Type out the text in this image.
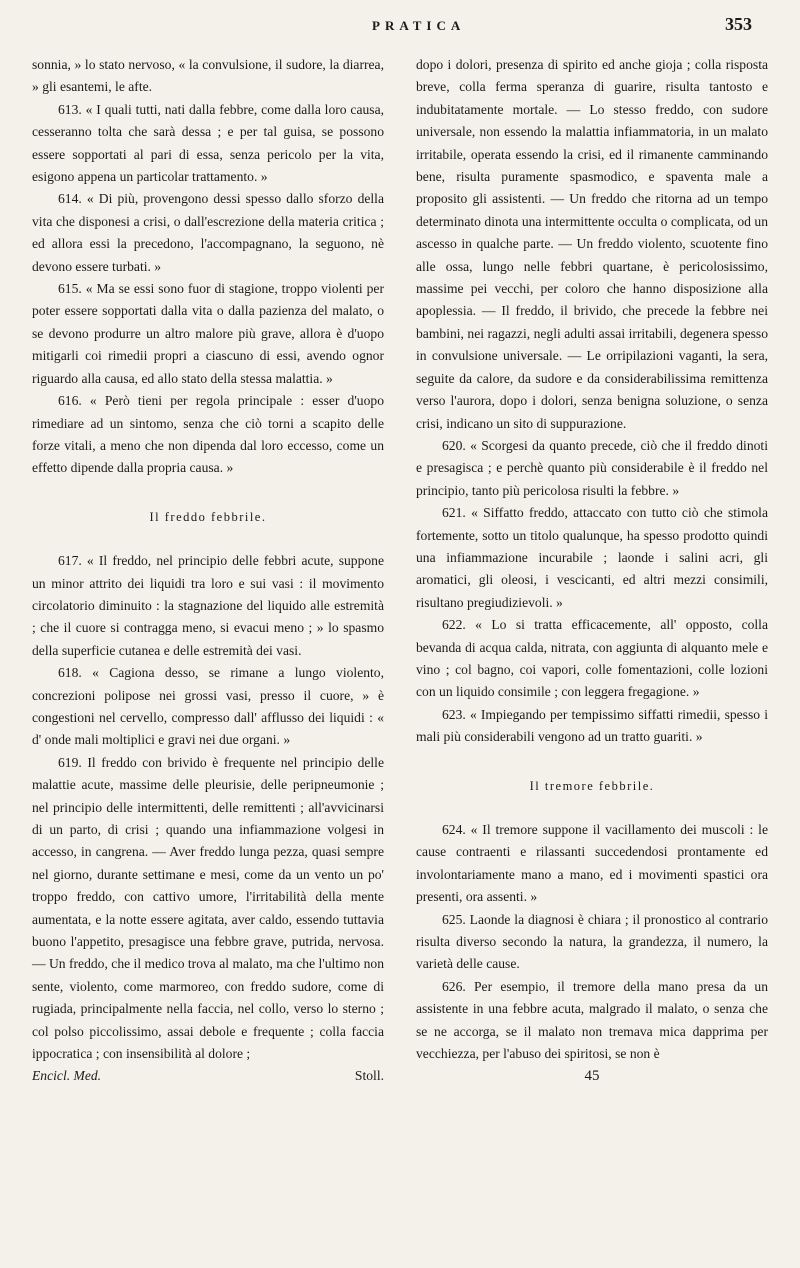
PRATICA	353

sonnia, » lo stato nervoso, « la convulsione, il sudore, la diarrea, » gli esantemi, le afte.

613. « I quali tutti, nati dalla febbre, come dalla loro causa, cesseranno tolta che sarà dessa ; e per tal guisa, se possono essere sopportati al pari di essa, senza pericolo per la vita, esigono appena un particolar trattamento. »

614. « Di più, provengono dessi spesso dallo sforzo della vita che disponesi a crisi, o dall'escrezione della materia critica ; ed allora essi la precedono, l'accompagnano, la seguono, nè devono essere turbati. »

615. « Ma se essi sono fuor di stagione, troppo violenti per poter essere sopportati dalla vita o dalla pazienza del malato, o se devono produrre un altro malore più grave, allora è d'uopo mitigarli coi rimedii propri a ciascuno di essi, avendo ognor riguardo alla causa, ed allo stato della stessa malattia. »

616. « Però tieni per regola principale : esser d'uopo rimediare ad un sintomo, senza che ciò torni a scapito delle forze vitali, a meno che non dipenda dal loro eccesso, come un effetto dipende dalla propria causa. »

Il freddo febbrile.

617. « Il freddo, nel principio delle febbri acute, suppone un minor attrito dei liquidi tra loro e sui vasi : il movimento circolatorio diminuito : la stagnazione del liquido alle estremità ; che il cuore si contragga meno, si evacui meno ; » lo spasmo della superficie cutanea e delle estremità dei vasi.

618. « Cagiona desso, se rimane a lungo violento, concrezioni polipose nei grossi vasi, presso il cuore, » è congestioni nel cervello, compresso dall' afflusso dei liquidi : « d' onde mali moltiplici e gravi nei due organi. »

619. Il freddo con brivido è frequente nel principio delle malattie acute, massime delle pleurisie, delle peripneumonie ; nel principio delle intermittenti, delle remittenti ; all'avvicinarsi di un parto, di crisi ; quando una infiammazione volgesi in accesso, in cangrena. — Aver freddo lunga pezza, quasi sempre nel giorno, durante settimane e mesi, come da un vento un po' troppo freddo, con cattivo umore, l'irritabilità della mente aumentata, e la notte essere agitata, aver caldo, essendo tuttavia buono l'appetito, presagisce una febbre grave, putrida, nervosa. — Un freddo, che il medico trova al malato, ma che l'ultimo non sente, violento, come marmoreo, con freddo sudore, come di rugiada, principalmente nella faccia, nel collo, verso lo sterno ; col polso piccolissimo, assai debole e frequente ; colla faccia ippocratica ; con insensibilità al dolore ;

Encicl. Med.	Stoll.

dopo i dolori, presenza di spirito ed anche gioja ; colla risposta breve, colla ferma speranza di guarire, risulta tantosto e indubitatamente mortale. — Lo stesso freddo, con sudore universale, non essendo la malattia infiammatoria, in un malato irritabile, operata essendo la crisi, ed il rimanente camminando bene, risulta puramente spasmodico, e spaventa male a proposito gli assistenti. — Un freddo che ritorna ad un tempo determinato dinota una intermittente occulta o complicata, od un ascesso in qualche parte. — Un freddo violento, scuotente fino alle ossa, lungo nelle febbri quartane, è pericolosissimo, massime pei vecchi, per coloro che hanno disposizione alla apoplessia. — Il freddo, il brivido, che precede la febbre nei bambini, nei ragazzi, negli adulti assai irritabili, degenera spesso in convulsione universale. — Le orripilazioni vaganti, la sera, seguite da calore, da sudore e da considerabilissima remittenza verso l'aurora, dopo i dolori, senza benigna soluzione, o senza crisi, indicano un sito di suppurazione.

620. « Scorgesi da quanto precede, ciò che il freddo dinoti e presagisca ; e perchè quanto più considerabile è il freddo nel principio, tanto più pericolosa risulti la febbre. »

621. « Siffatto freddo, attaccato con tutto ciò che stimola fortemente, sotto un titolo qualunque, ha spesso prodotto quindi una infiammazione incurabile ; laonde i salini acri, gli aromatici, gli oleosi, i vescicanti, ed altri mezzi consimili, risultano pregiudizievoli. »

622. « Lo si tratta efficacemente, all' opposto, colla bevanda di acqua calda, nitrata, con aggiunta di alquanto mele e vino ; col bagno, coi vapori, colle fomentazioni, colle lozioni con un liquido consimile ; con leggera fregagione. »

623. « Impiegando per tempissimo siffatti rimedii, spesso i mali più considerabili vengono ad un tratto guariti. »

Il tremore febbrile.

624. « Il tremore suppone il vacillamento dei muscoli : le cause contraenti e rilassanti succedendosi prontamente ed involontariamente mano a mano, ed i movimenti spastici ora presenti, ora assenti. »

625. Laonde la diagnosi è chiara ; il pronostico al contrario risulta diverso secondo la natura, la grandezza, il numero, la varietà delle cause.

626. Per esempio, il tremore della mano presa da un assistente in una febbre acuta, malgrado il malato, o senza che se ne accorga, se il malato non tremava mica dapprima per vecchiezza, per l'abuso dei spiritosi, se non è

45
